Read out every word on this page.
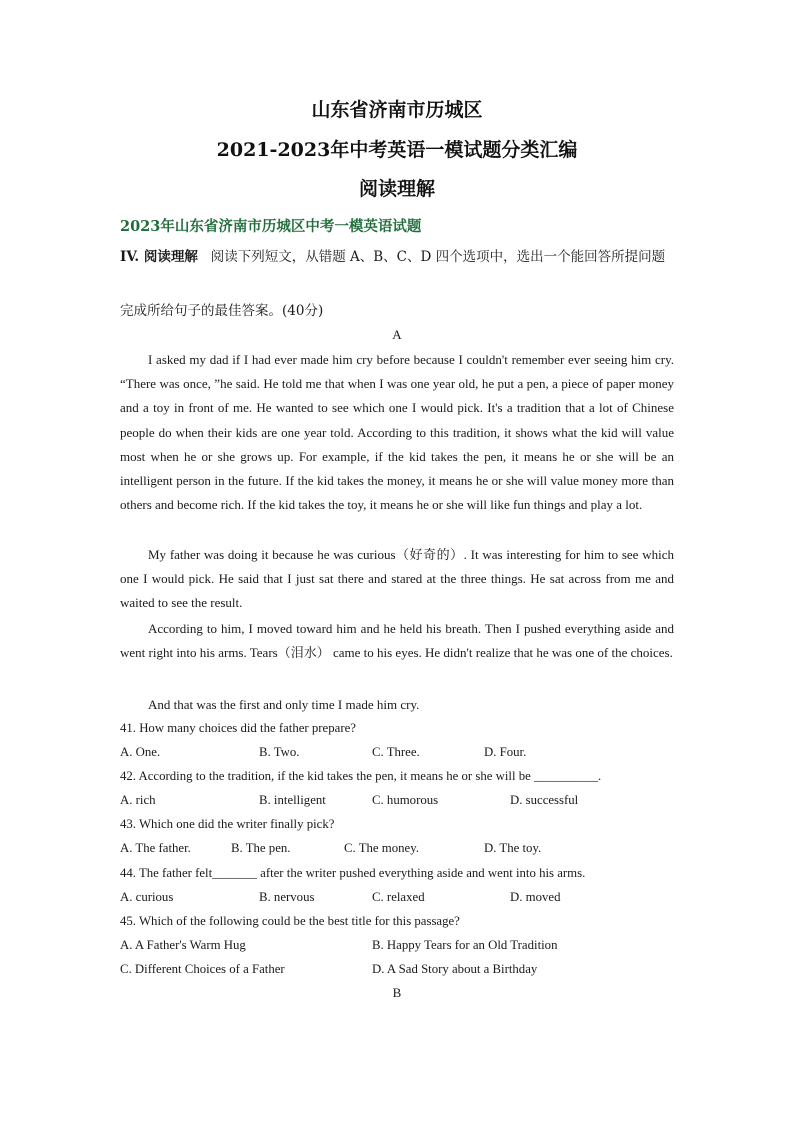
山东省济南市历城区
2021-2023年中考英语一模试题分类汇编
阅读理解
2023年山东省济南市历城区中考一模英语试题
IV. 阅读理解 阅读下列短文，从错题 A、B、C、D 四个选项中，选出一个能回答所提问题
完成所给句子的最佳答案。(40分)
A

I asked my dad if I had ever made him cry before because I couldn't remember ever seeing him cry. “There was once, ”he said. He told me that when I was one year old, he put a pen, a piece of paper money and a toy in front of me. He wanted to see which one I would pick. It's a tradition that a lot of Chinese people do when their kids are one year told. According to this tradition, it shows what the kid will value most when he or she grows up. For example, if the kid takes the pen, it means he or she will be an intelligent person in the future. If the kid takes the money, it means he or she will value money more than others and become rich. If the kid takes the toy, it means he or she will like fun things and play a lot.

My father was doing it because he was curious（好奇的）. It was interesting for him to see which one I would pick. He said that I just sat there and stared at the three things. He sat across from me and waited to see the result.

According to him, I moved toward him and he held his breath. Then I pushed everything aside and went right into his arms. Tears（泪水） came to his eyes. He didn't realize that he was one of the choices.

And that was the first and only time I made him cry.

41. How many choices did the father prepare?
A. One.	B. Two.	C. Three.	D. Four.
42. According to the tradition, if the kid takes the pen, it means he or she will be __________.
A. rich	B. intelligent	C. humorous	D. successful
43. Which one did the writer finally pick?
A. The father.	B. The pen.	C. The money.	D. The toy.
44. The father felt_______ after the writer pushed everything aside and went into his arms.
A. curious	B. nervous	C. relaxed	D. moved
45. Which of the following could be the best title for this passage?
A. A Father's Warm Hug	B. Happy Tears for an Old Tradition
C. Different Choices of a Father	D. A Sad Story about a Birthday
B
